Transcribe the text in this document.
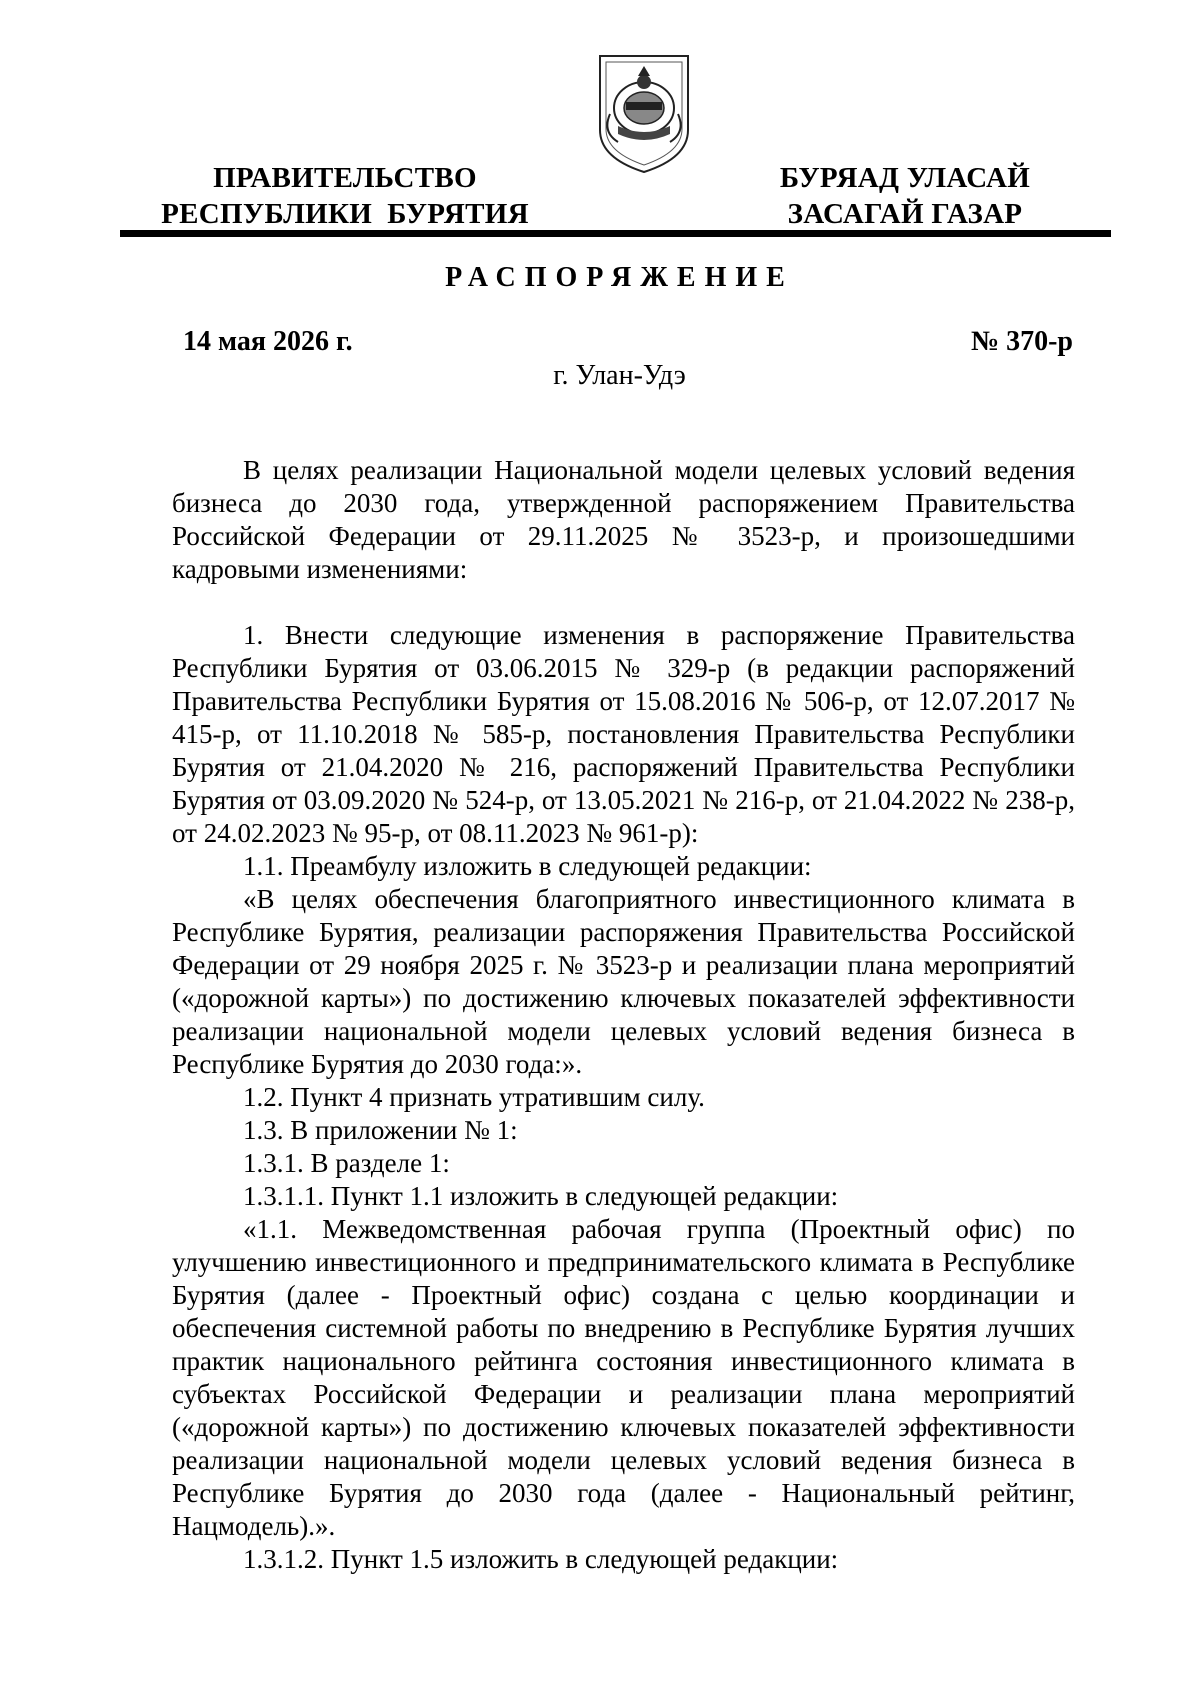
ПРАВИТЕЛЬСТВО
РЕСПУБЛИКИ  БУРЯТИЯ
БУРЯАД УЛАСАЙ
ЗАСАГАЙ ГАЗАР
РАСПОРЯЖЕНИЕ
14 мая 2026 г.	№ 370-р
г. Улан-Удэ

В целях реализации Национальной модели целевых условий ведения бизнеса до 2030 года, утвержденной распоряжением Правительства Российской Федерации от 29.11.2025 № 3523-р, и произошедшими кадровыми изменениями:

1. Внести следующие изменения в распоряжение Правительства Республики Бурятия от 03.06.2015 № 329-р (в редакции распоряжений Правительства Республики Бурятия от 15.08.2016 № 506-р, от 12.07.2017 № 415-р, от 11.10.2018 № 585-р, постановления Правительства Республики Бурятия от 21.04.2020 № 216, распоряжений Правительства Республики Бурятия от 03.09.2020 № 524-р, от 13.05.2021 № 216-р, от 21.04.2022 № 238-р, от 24.02.2023 № 95-р, от 08.11.2023 № 961-р):

1.1. Преамбулу изложить в следующей редакции:

«В целях обеспечения благоприятного инвестиционного климата в Республике Бурятия, реализации распоряжения Правительства Российской Федерации от 29 ноября 2025 г. № 3523-р и реализации плана мероприятий («дорожной карты») по достижению ключевых показателей эффективности реализации национальной модели целевых условий ведения бизнеса в Республике Бурятия до 2030 года:».

1.2. Пункт 4 признать утратившим силу.

1.3. В приложении № 1:

1.3.1. В разделе 1:

1.3.1.1. Пункт 1.1 изложить в следующей редакции:

«1.1. Межведомственная рабочая группа (Проектный офис) по улучшению инвестиционного и предпринимательского климата в Республике Бурятия (далее - Проектный офис) создана с целью координации и обеспечения системной работы по внедрению в Республике Бурятия лучших практик национального рейтинга состояния инвестиционного климата в субъектах Российской Федерации и реализации плана мероприятий («дорожной карты») по достижению ключевых показателей эффективности реализации национальной модели целевых условий ведения бизнеса в Республике Бурятия до 2030 года (далее - Национальный рейтинг, Нацмодель).».

1.3.1.2. Пункт 1.5 изложить в следующей редакции:
